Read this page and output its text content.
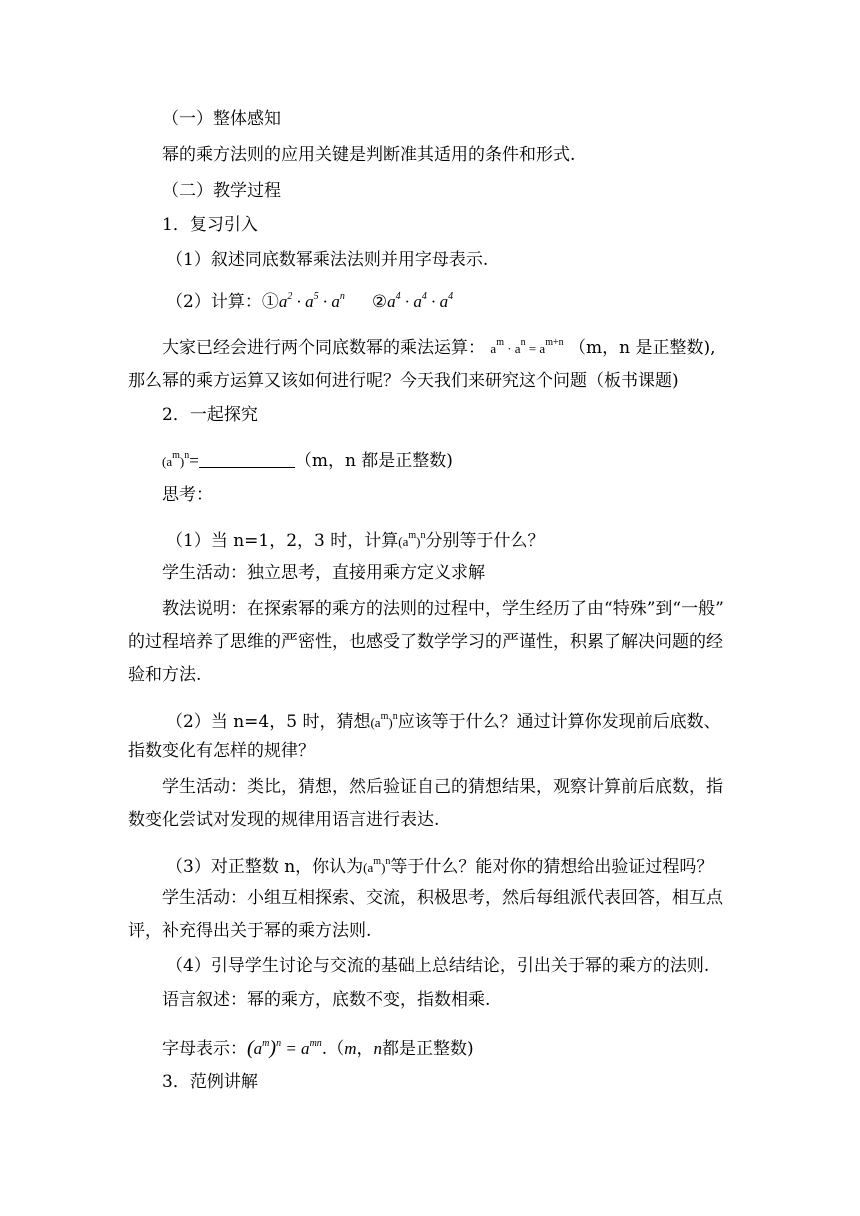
（一）整体感知
幂的乘方法则的应用关键是判断准其适用的条件和形式.
（二）教学过程
1．复习引入
（1）叙述同底数幂乘法法则并用字母表示.
（2）计算：$①a^2 \cdot a^5 \cdot a^n$ $②a^4 \cdot a^4 \cdot a^4$
大家已经会进行两个同底数幂的乘法运算： $a^m \cdot a^n = a^{m+n}$ （m，n 是正整数),
那么幂的乘方运算又该如何进行呢？今天我们来研究这个问题（板书课题)
2．一起探究
$(a^m)^n=$	（m，n 都是正整数)
思考：
（1）当 n=1，2，3 时，计算$(a^m)^n$分别等于什么？
学生活动：独立思考，直接用乘方定义求解
教法说明：在探索幂的乘方的法则的过程中，学生经历了由“特殊”到“一般”
的过程培养了思维的严密性，也感受了数学学习的严谨性，积累了解决问题的经
验和方法.
（2）当 n=4，5 时，猜想$(a^m)^n$应该等于什么？通过计算你发现前后底数、
指数变化有怎样的规律？
学生活动：类比，猜想，然后验证自己的猜想结果，观察计算前后底数，指
数变化尝试对发现的规律用语言进行表达.
（3）对正整数 n，你认为$(a^m)^n$等于什么？能对你的猜想给出验证过程吗？
学生活动：小组互相探索、交流，积极思考，然后每组派代表回答，相互点
评，补充得出关于幂的乘方法则.
（4）引导学生讨论与交流的基础上总结结论，引出关于幂的乘方的法则.
语言叙述：幂的乘方，底数不变，指数相乘.
字母表示：$(a^m)^n = a^{mn}.(m$，n都是正整数)
3．范例讲解
